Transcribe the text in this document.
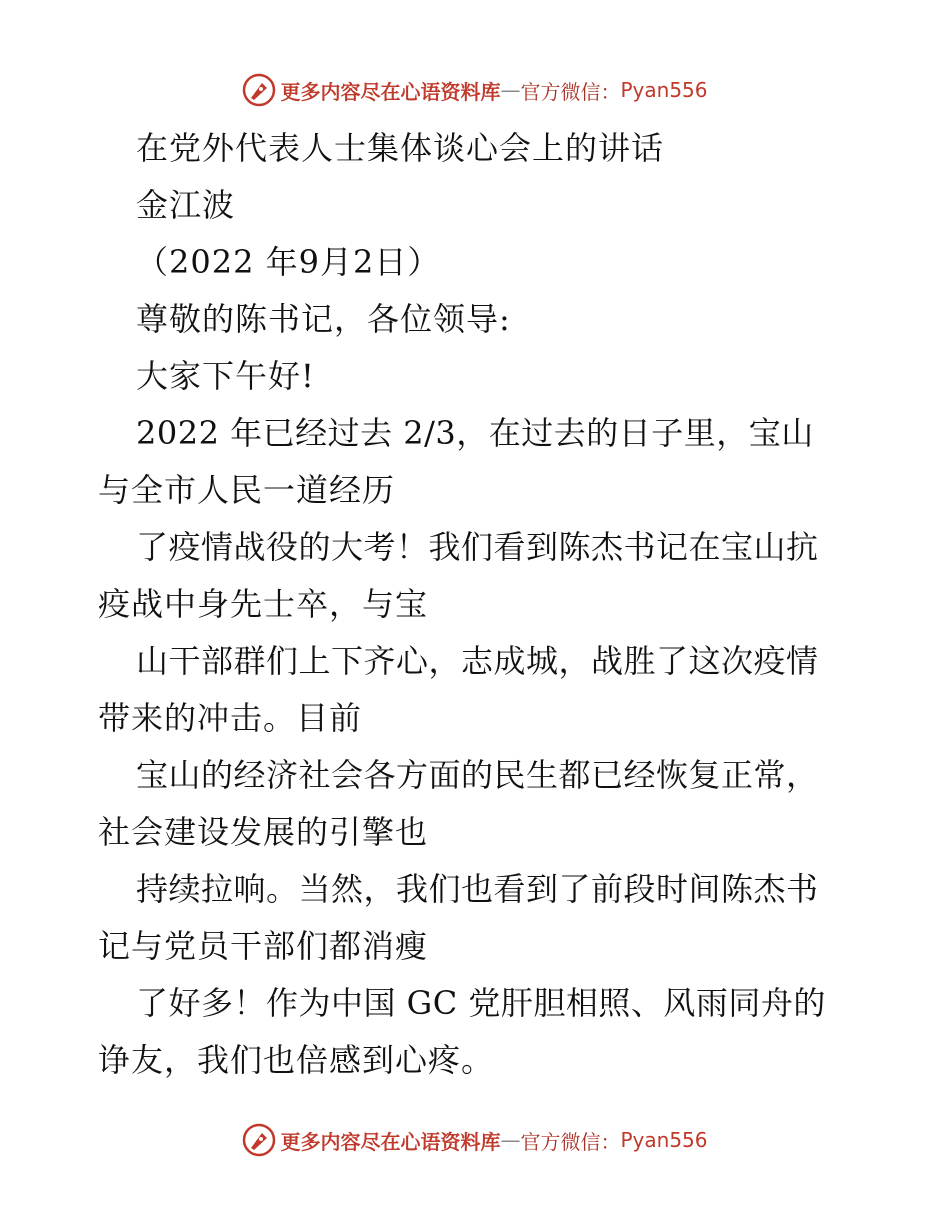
更多内容尽在心语资料库 — 官方微信： Pyan556
在党外代表人士集体谈心会上的讲话
金江波
（2022 年9月2日）
尊敬的陈书记，各位领导:
大家下午好!
2022 年已经过去 2/3，在过去的日子里，宝山
与全市人民一道经历
了疫情战役的大考！我们看到陈杰书记在宝山抗
疫战中身先士卒，与宝
山干部群们上下齐心，志成城，战胜了这次疫情
带来的冲击。目前
宝山的经济社会各方面的民生都已经恢复正常，
社会建设发展的引擎也
持续拉响。当然，我们也看到了前段时间陈杰书
记与党员干部们都消瘦
了好多！作为中国 GC 党肝胆相照、风雨同舟的
诤友，我们也倍感到心疼。
更多内容尽在心语资料库 — 官方微信： Pyan556
